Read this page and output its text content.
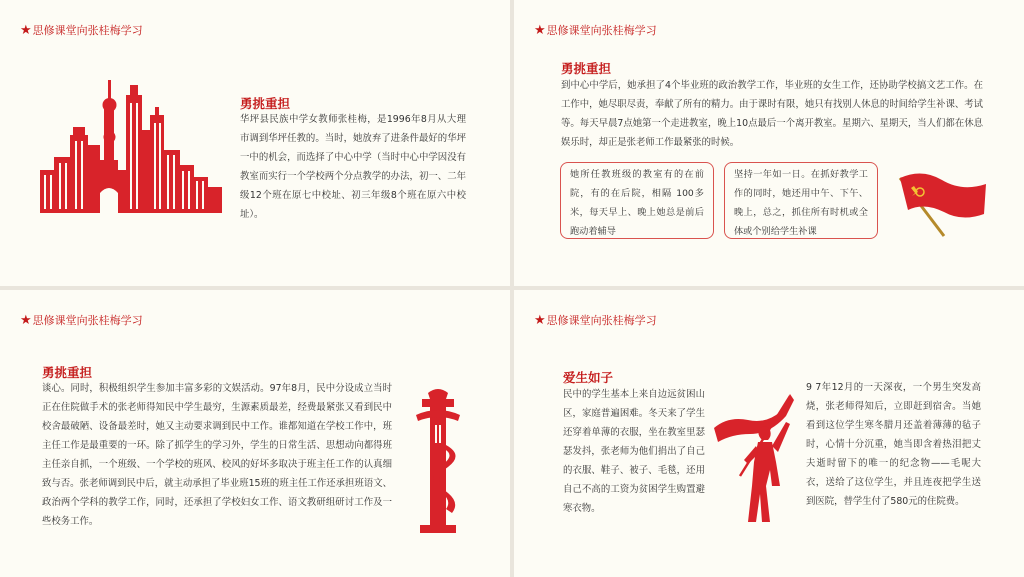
★思修课堂向张桂梅学习
勇挑重担
华坪县民族中学女教师张桂梅，是1996年8月从大理市调到华坪任教的。当时，她放弃了进条件最好的华坪一中的机会，而选择了中心中学（当时中心中学因没有教室而实行一个学校两个分点教学的办法，初一、二年级12个班在原七中校址、初三年级8个班在原六中校址）。
★思修课堂向张桂梅学习
勇挑重担
到中心中学后，她承担了4个毕业班的政治教学工作，毕业班的女生工作，还协助学校搞文艺工作。在工作中，她尽职尽责，奉献了所有的精力。由于课时有限，她只有找别人休息的时间给学生补课、考试等。每天早晨7点她第一个走进教室，晚上10点最后一个离开教室。星期六、星期天，当人们都在休息娱乐时，却正是张老师工作最紧张的时候。
她所任教班级的教室有的在前院，有的在后院，相隔 100多米，每天早上、晚上她总是前后跑动着辅导
坚持一年如一日。在抓好教学工作的同时，她还用中午、下午、晚上，总之，抓住所有时机或全体或个别给学生补课
★思修课堂向张桂梅学习
勇挑重担
谈心。同时，积极组织学生参加丰富多彩的文娱活动。97年8月，民中分设成立当时正在住院做手术的张老师得知民中学生最穷，生源素质最差，经费最紧张又看到民中校舍最破陋、设备最差时，她又主动要求调到民中工作。谁都知道在学校工作中，班主任工作是最重要的一环。除了抓学生的学习外，学生的日常生活、思想动向都得班主任亲自抓，一个班级、一个学校的班风、校风的好坏多取决于班主任工作的认真细致与否。张老师调到民中后，就主动承担了毕业班15班的班主任工作还承担班语文、政治两个学科的教学工作，同时，还承担了学校妇女工作、语文教研组研讨工作及一些校务工作。
★思修课堂向张桂梅学习
爱生如子
民中的学生基本上来自边远贫困山区，家庭普遍困难。冬天来了学生还穿着单薄的衣服，坐在教室里瑟瑟发抖，张老师为他们捐出了自己的衣服、鞋子、被子、毛毯，还用自己不高的工资为贫困学生购置避寒衣物。
9 7年12月的一天深夜，一个男生突发高烧，张老师得知后，立即赶到宿舍。当她看到这位学生寒冬腊月还盖着薄薄的毡子时，心情十分沉重，她当即含着热泪把丈夫逝时留下的唯一的纪念物——毛呢大衣，送给了这位学生，并且连夜把学生送到医院，替学生付了580元的住院费。
